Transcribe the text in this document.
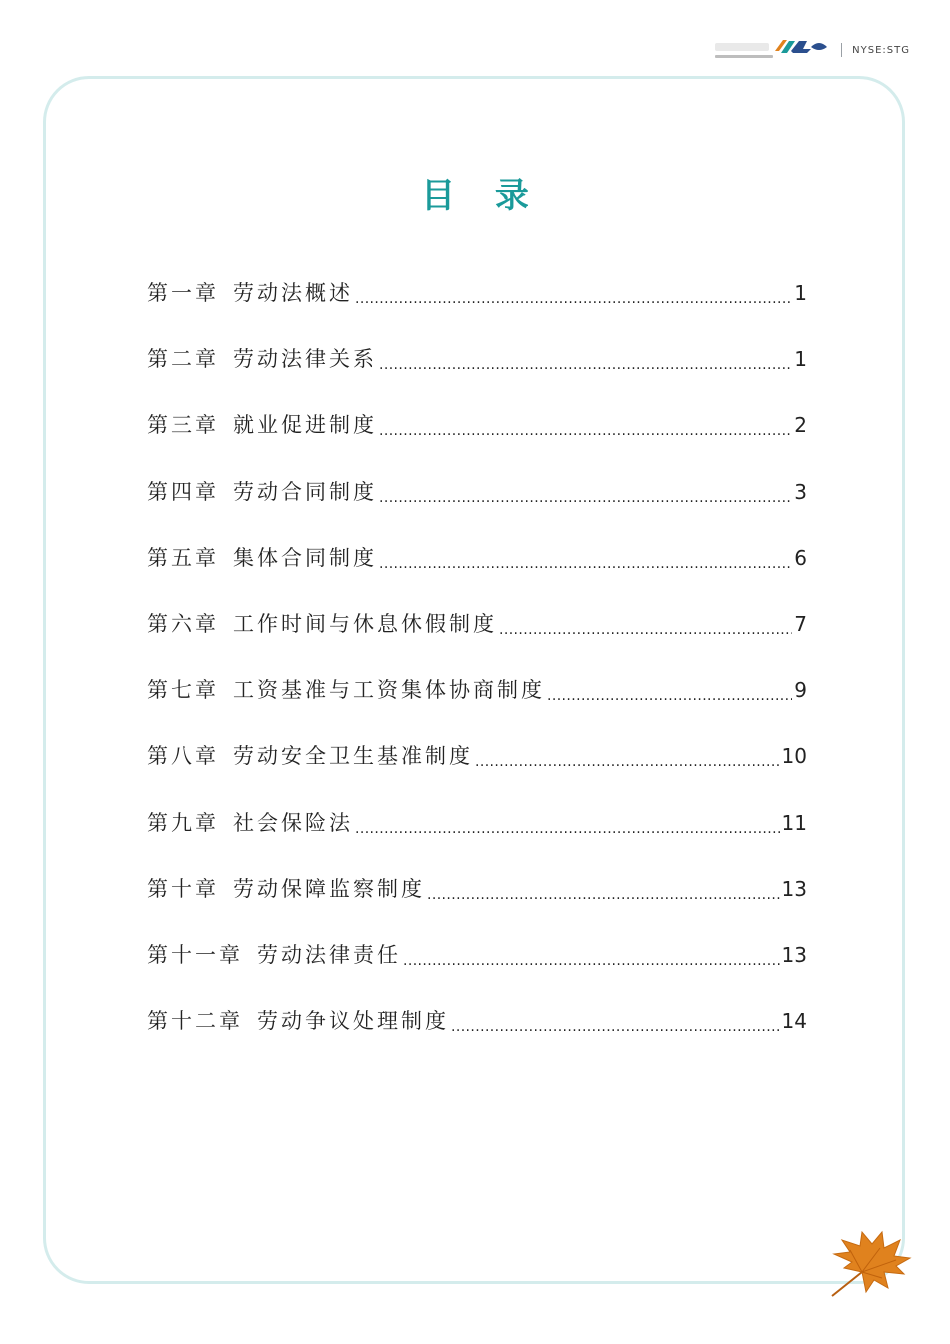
NYSE:STG
目 录
第一章 劳动法概述 .....	1
第二章 劳动法律关系 .....	1
第三章 就业促进制度 .....	2
第四章 劳动合同制度 .....	3
第五章 集体合同制度 .....	6
第六章 工作时间与休息休假制度 .....	7
第七章 工资基准与工资集体协商制度 .....	9
第八章 劳动安全卫生基准制度 .....	10
第九章 社会保险法 .....	11
第十章 劳动保障监察制度 .....	13
第十一章 劳动法律责任 .....	13
第十二章 劳动争议处理制度 .....	14
